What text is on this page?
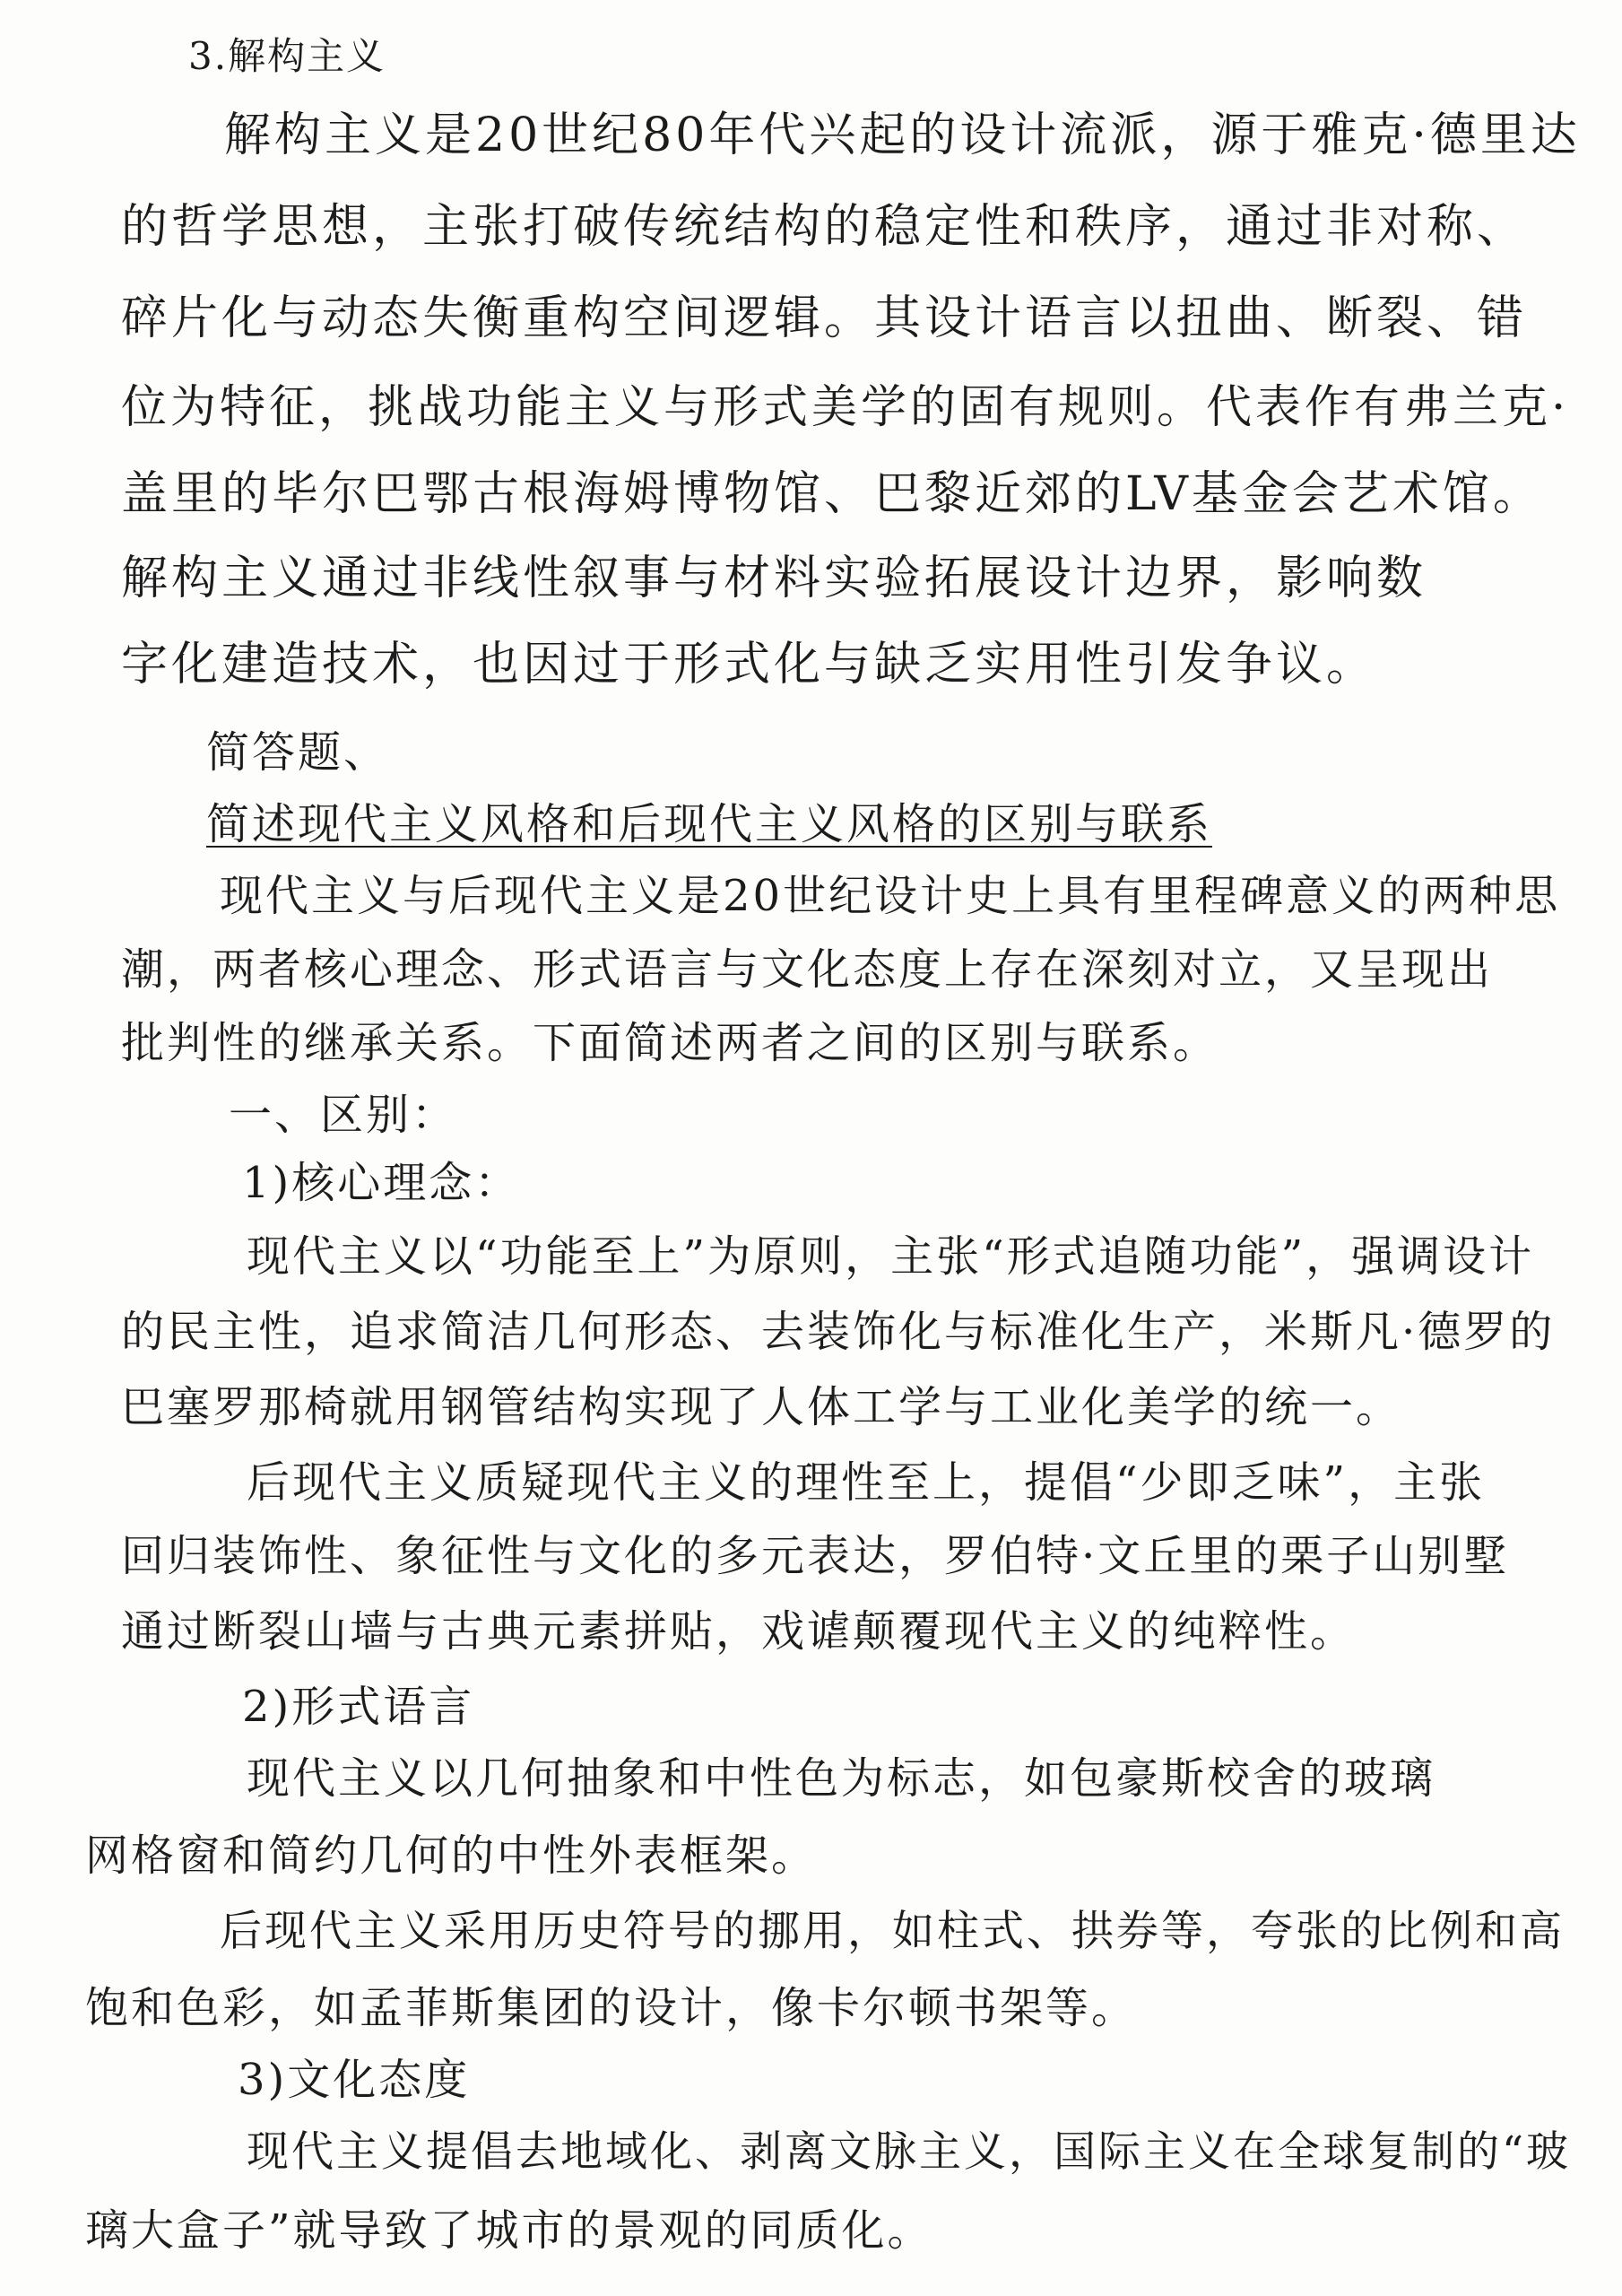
3.解构主义
解构主义是20世纪80年代兴起的设计流派，源于雅克·德里达
的哲学思想，主张打破传统结构的稳定性和秩序，通过非对称、
碎片化与动态失衡重构空间逻辑。其设计语言以扭曲、断裂、错
位为特征，挑战功能主义与形式美学的固有规则。代表作有弗兰克·
盖里的毕尔巴鄂古根海姆博物馆、巴黎近郊的LV基金会艺术馆。
解构主义通过非线性叙事与材料实验拓展设计边界，影响数
字化建造技术，也因过于形式化与缺乏实用性引发争议。
简答题、
简述现代主义风格和后现代主义风格的区别与联系
现代主义与后现代主义是20世纪设计史上具有里程碑意义的两种思
潮，两者核心理念、形式语言与文化态度上存在深刻对立，又呈现出
批判性的继承关系。下面简述两者之间的区别与联系。
一、区别：
1)核心理念：
现代主义以“功能至上”为原则，主张“形式追随功能”，强调设计
的民主性，追求简洁几何形态、去装饰化与标准化生产，米斯凡·德罗的
巴塞罗那椅就用钢管结构实现了人体工学与工业化美学的统一。
后现代主义质疑现代主义的理性至上，提倡“少即乏味”，主张
回归装饰性、象征性与文化的多元表达，罗伯特·文丘里的栗子山别墅
通过断裂山墙与古典元素拼贴，戏谑颠覆现代主义的纯粹性。
2)形式语言
现代主义以几何抽象和中性色为标志，如包豪斯校舍的玻璃
网格窗和简约几何的中性外表框架。
后现代主义采用历史符号的挪用，如柱式、拱券等，夸张的比例和高
饱和色彩，如孟菲斯集团的设计，像卡尔顿书架等。
3)文化态度
现代主义提倡去地域化、剥离文脉主义，国际主义在全球复制的“玻
璃大盒子”就导致了城市的景观的同质化。
